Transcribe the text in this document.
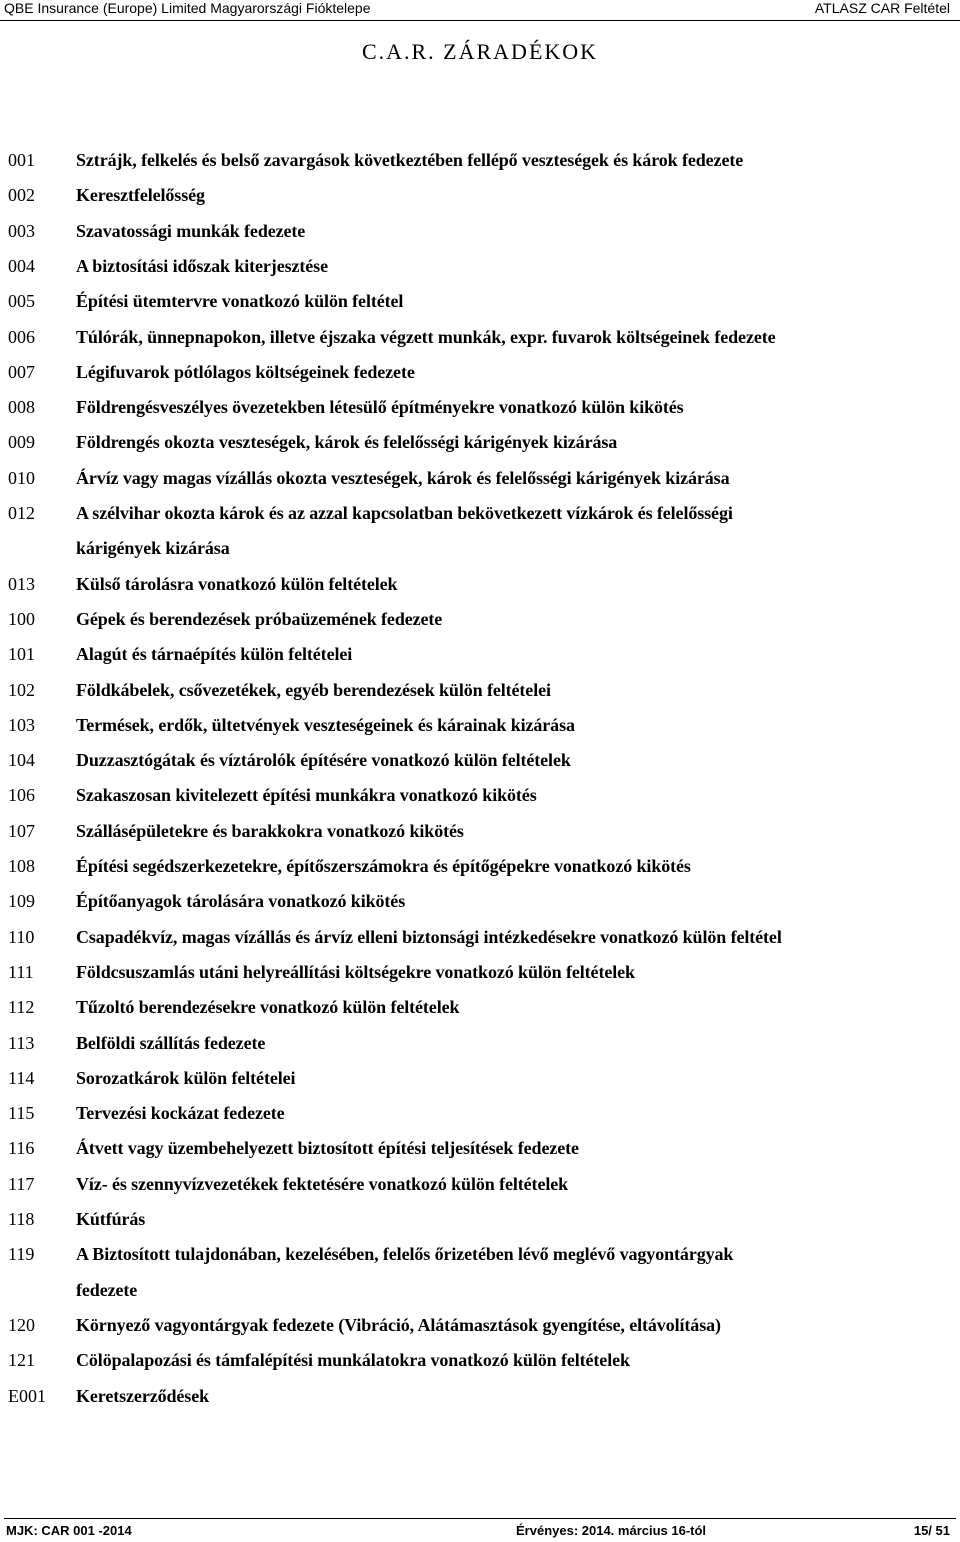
QBE Insurance (Europe) Limited Magyarországi Fióktelepe	ATLASZ CAR Feltétel
C.A.R. ZÁRADÉKOK
001	Sztrájk, felkelés és belső zavargások következtében fellépő veszteségek és károk fedezete
002	Keresztfelelősség
003	Szavatossági munkák fedezete
004	A biztosítási időszak kiterjesztése
005	Építési ütemtervre vonatkozó külön feltétel
006	Túlórák, ünnepnapokon, illetve éjszaka végzett munkák, expr. fuvarok költségeinek fedezete
007	Légifuvarok pótlólagos költségeinek fedezete
008	Földrengésveszélyes övezetekben létesülő építményekre vonatkozó külön kikötés
009	Földrengés okozta veszteségek, károk és felelősségi kárigények kizárása
010	Árvíz vagy magas vízállás okozta veszteségek, károk és felelősségi kárigények kizárása
012	A szélvihar okozta károk és az azzal kapcsolatban bekövetkezett vízkárok és felelősségi
kárigények kizárása
013	Külső tárolásra vonatkozó külön feltételek
100	Gépek és berendezések próbaüzemének fedezete
101	Alagút és tárnaépítés külön feltételei
102	Földkábelek, csővezetékek, egyéb berendezések külön feltételei
103	Termések, erdők, ültetvények veszteségeinek és kárainak kizárása
104	Duzzasztógátak és víztárolók építésére vonatkozó külön feltételek
106	Szakaszosan kivitelezett építési munkákra vonatkozó kikötés
107	Szállásépületekre és barakkokra vonatkozó kikötés
108	Építési segédszerkezetekre, építőszerszámokra és építőgépekre vonatkozó kikötés
109	Építőanyagok tárolására vonatkozó kikötés
110	Csapadékvíz, magas vízállás és árvíz elleni biztonsági intézkedésekre vonatkozó külön feltétel
111	Földcsuszamlás utáni helyreállítási költségekre vonatkozó külön feltételek
112	Tűzoltó berendezésekre vonatkozó külön feltételek
113	Belföldi szállítás fedezete
114	Sorozatkárok külön feltételei
115	Tervezési kockázat fedezete
116	Átvett vagy üzembehelyezett biztosított építési teljesítések fedezete
117	Víz- és szennyvízvezetékek fektetésére vonatkozó külön feltételek
118	Kútfúrás
119	A Biztosított tulajdonában, kezelésében, felelős őrizetében lévő meglévő vagyontárgyak
fedezete
120	Környező vagyontárgyak fedezete (Vibráció, Alátámasztások gyengítése, eltávolítása)
121	Cölöpalapozási és támfalépítési munkálatokra vonatkozó külön feltételek
E001	Keretszerződések
MJK: CAR 001 -2014	Érvényes: 2014. március 16-tól	15/ 51
